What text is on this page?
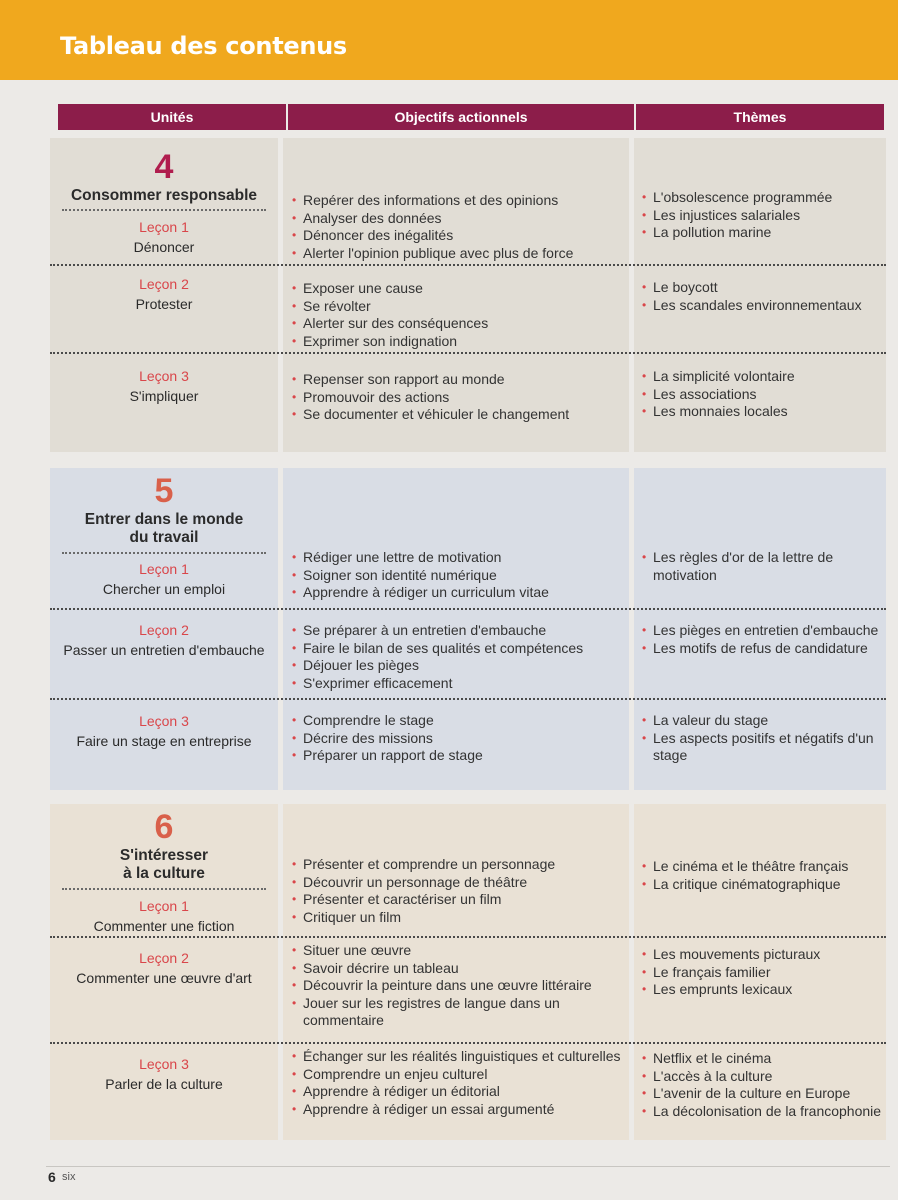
Tableau des contenus
Unités	Objectifs actionnels	Thèmes
4
Consommer responsable
Leçon 1
Dénoncer
• Repérer des informations et des opinions
• Analyser des données
• Dénoncer des inégalités
• Alerter l'opinion publique avec plus de force
• L'obsolescence programmée
• Les injustices salariales
• La pollution marine
Leçon 2
Protester
• Exposer une cause
• Se révolter
• Alerter sur des conséquences
• Exprimer son indignation
• Le boycott
• Les scandales environnementaux
Leçon 3
S'impliquer
• Repenser son rapport au monde
• Promouvoir des actions
• Se documenter et véhiculer le changement
• La simplicité volontaire
• Les associations
• Les monnaies locales
5
Entrer dans le monde
du travail
Leçon 1
Chercher un emploi
• Rédiger une lettre de motivation
• Soigner son identité numérique
• Apprendre à rédiger un curriculum vitae
• Les règles d'or de la lettre de motivation
Leçon 2
Passer un entretien d'embauche
• Se préparer à un entretien d'embauche
• Faire le bilan de ses qualités et compétences
• Déjouer les pièges
• S'exprimer efficacement
• Les pièges en entretien d'embauche
• Les motifs de refus de candidature
Leçon 3
Faire un stage en entreprise
• Comprendre le stage
• Décrire des missions
• Préparer un rapport de stage
• La valeur du stage
• Les aspects positifs et négatifs d'un stage
6
S'intéresser
à la culture
Leçon 1
Commenter une fiction
• Présenter et comprendre un personnage
• Découvrir un personnage de théâtre
• Présenter et caractériser un film
• Critiquer un film
• Le cinéma et le théâtre français
• La critique cinématographique
Leçon 2
Commenter une œuvre d'art
• Situer une œuvre
• Savoir décrire un tableau
• Découvrir la peinture dans une œuvre littéraire
• Jouer sur les registres de langue dans un commentaire
• Les mouvements picturaux
• Le français familier
• Les emprunts lexicaux
Leçon 3
Parler de la culture
• Échanger sur les réalités linguistiques et culturelles
• Comprendre un enjeu culturel
• Apprendre à rédiger un éditorial
• Apprendre à rédiger un essai argumenté
• Netflix et le cinéma
• L'accès à la culture
• L'avenir de la culture en Europe
• La décolonisation de la francophonie
6 six
